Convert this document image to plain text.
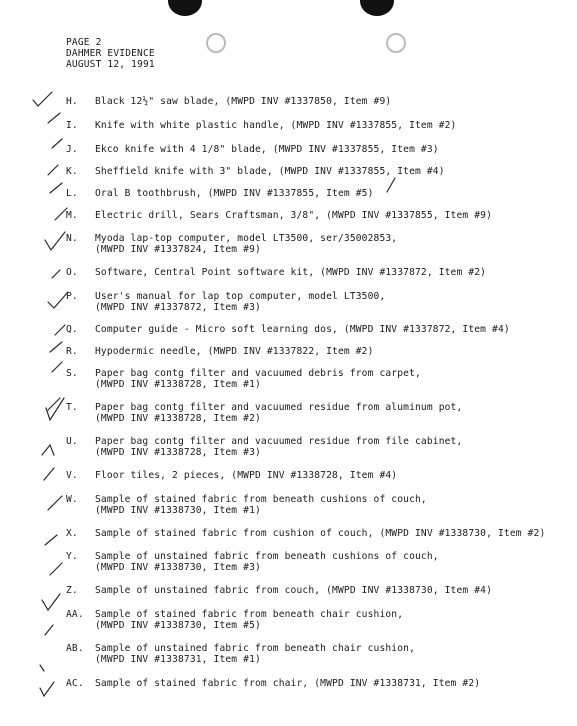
PAGE 2
DAHMER EVIDENCE
AUGUST 12, 1991
H. Black 12½" saw blade, (MWPD INV #1337850, Item #9)
I. Knife with white plastic handle, (MWPD INV #1337855, Item #2)
J. Ekco knife with 4 1/8" blade, (MWPD INV #1337855, Item #3)
K. Sheffield knife with 3" blade, (MWPD INV #1337855, Item #4)
L. Oral B toothbrush, (MWPD INV #1337855, Item #5)
M. Electric drill, Sears Craftsman, 3/8", (MWPD INV #1337855, Item #9)
N. Myoda lap-top computer, model LT3500, ser/35002853,
(MWPD INV #1337824, Item #9)
O. Software, Central Point software kit, (MWPD INV #1337872, Item #2)
P. User's manual for lap top computer, model LT3500,
(MWPD INV #1337872, Item #3)
Q. Computer guide - Micro soft learning dos, (MWPD INV #1337872, Item #4)
R. Hypodermic needle, (MWPD INV #1337822, Item #2)
S. Paper bag contg filter and vacuumed debris from carpet,
(MWPD INV #1338728, Item #1)
T. Paper bag contg filter and vacuumed residue from aluminum pot,
(MWPD INV #1338728, Item #2)
U. Paper bag contg filter and vacuumed residue from file cabinet,
(MWPD INV #1338728, Item #3)
V. Floor tiles, 2 pieces, (MWPD INV #1338728, Item #4)
W. Sample of stained fabric from beneath cushions of couch,
(MWPD INV #1338730, Item #1)
X. Sample of stained fabric from cushion of couch, (MWPD INV #1338730, Item #2)
Y. Sample of unstained fabric from beneath cushions of couch,
(MWPD INV #1338730, Item #3)
Z. Sample of unstained fabric from couch, (MWPD INV #1338730, Item #4)
AA. Sample of stained fabric from beneath chair cushion,
(MWPD INV #1338730, Item #5)
AB. Sample of unstained fabric from beneath chair cushion,
(MWPD INV #1338731, Item #1)
AC. Sample of stained fabric from chair, (MWPD INV #1338731, Item #2)
